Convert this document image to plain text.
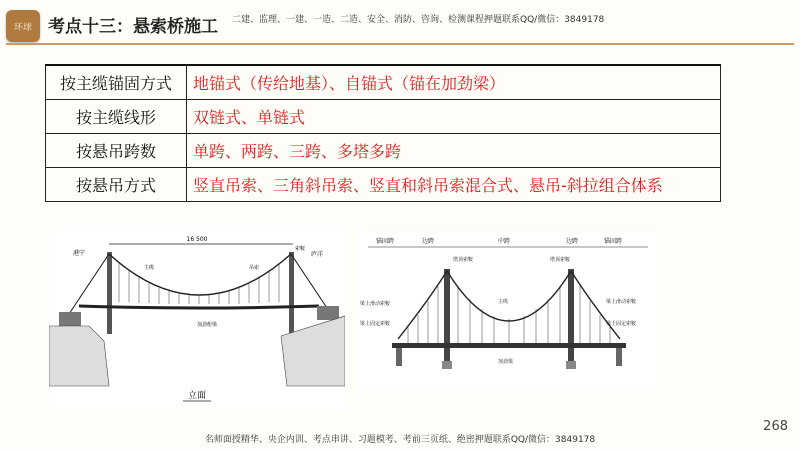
环球 考点十三：悬索桥施工 二建、监理、一建、一造、二造、安全、消防、咨询、检测课程押题联系QQ/微信：3849178
按主缆锚固方式	地锚式（传给地基）、自锚式（锚在加劲梁）
按主缆线形	双链式、单链式
按悬吊跨数	单跨、两跨、三跨、多塔多跨
按悬吊方式	竖直吊索、三角斜吊索、竖直和斜吊索混合式、悬吊-斜拉组合体系
16 500
港宁	庐洋
主缆	吊索
索鞍
加劲桁梁
立面
锚固跨	边跨	中跨	边跨	锚固跨
塔顶索鞍	塔顶索鞍
主缆
梁上滑动索鞍
梁上固定索鞍
梁上滑动索鞍
梁上固定索鞍
加劲梁
268
名师面授精华、央企内训、考点串讲、习题模考、考前三页纸、绝密押题联系QQ/微信：3849178
